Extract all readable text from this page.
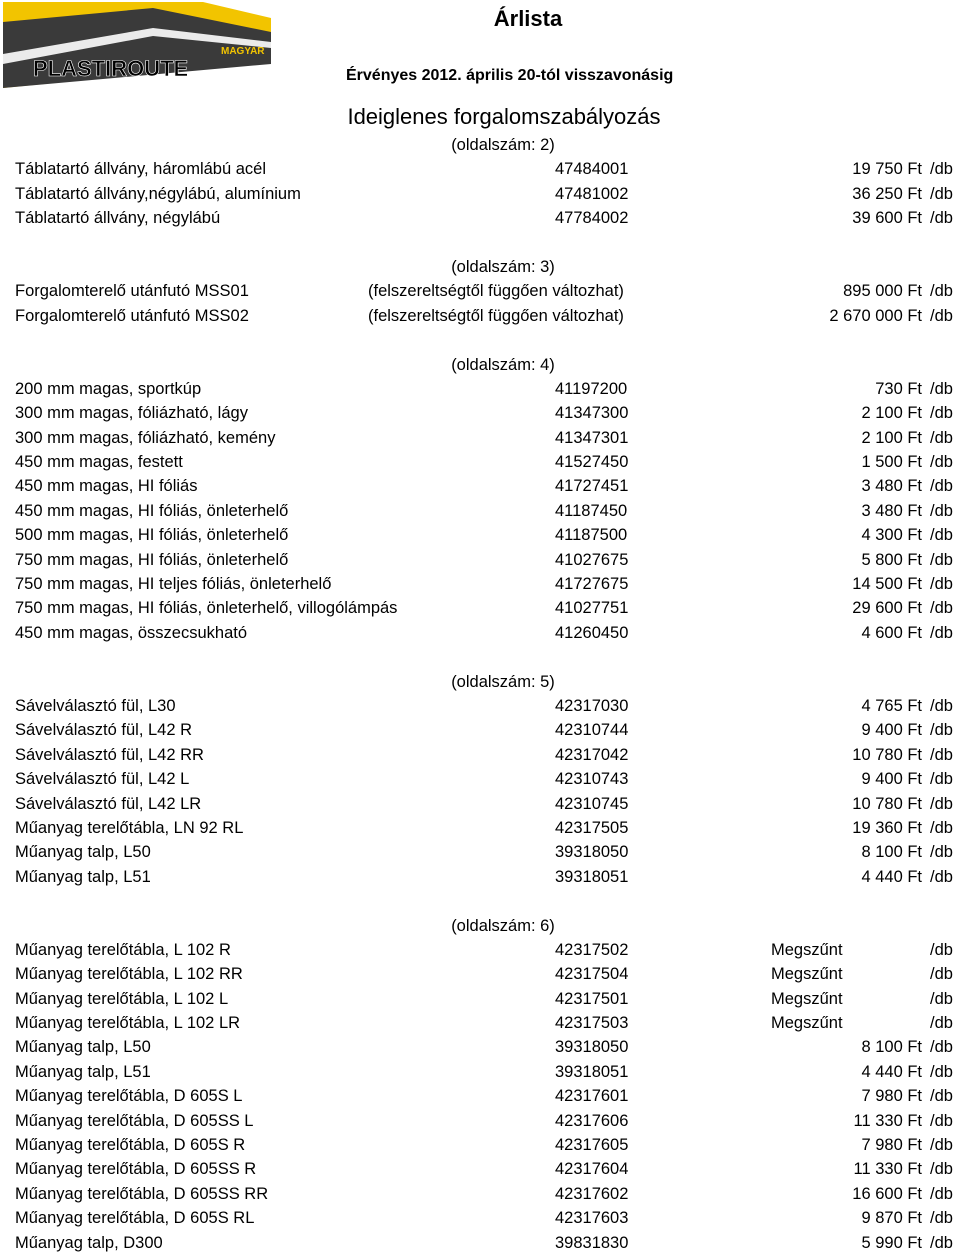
MAGYAR
PLASTIROUTE
Árlista
Érvényes 2012. április 20-tól visszavonásig
Ideiglenes forgalomszabályozás
(oldalszám: 2)
Táblatartó állvány, háromlábú acél	47484001	19 750 Ft /db
Táblatartó állvány,négylábú, alumínium	47481002	36 250 Ft /db
Táblatartó állvány, négylábú	47784002	39 600 Ft /db
(oldalszám: 3)
Forgalomterelő utánfutó MSS01	(felszereltségtől függően változhat)	895 000 Ft /db
Forgalomterelő utánfutó MSS02	(felszereltségtől függően változhat)	2 670 000 Ft /db
(oldalszám: 4)
200 mm magas, sportkúp	41197200	730 Ft /db
300 mm magas, fóliázható, lágy	41347300	2 100 Ft /db
300 mm magas, fóliázható, kemény	41347301	2 100 Ft /db
450 mm magas, festett	41527450	1 500 Ft /db
450 mm magas, HI fóliás	41727451	3 480 Ft /db
450 mm magas, HI fóliás, önleterhelő	41187450	3 480 Ft /db
500 mm magas, HI fóliás, önleterhelő	41187500	4 300 Ft /db
750 mm magas, HI fóliás, önleterhelő	41027675	5 800 Ft /db
750 mm magas, HI teljes fóliás, önleterhelő	41727675	14 500 Ft /db
750 mm magas, HI fóliás, önleterhelő, villogólámpás	41027751	29 600 Ft /db
450 mm magas, összecsukható	41260450	4 600 Ft /db
(oldalszám: 5)
Sávelválasztó fül, L30	42317030	4 765 Ft /db
Sávelválasztó fül, L42 R	42310744	9 400 Ft /db
Sávelválasztó fül, L42 RR	42317042	10 780 Ft /db
Sávelválasztó fül, L42 L	42310743	9 400 Ft /db
Sávelválasztó fül, L42 LR	42310745	10 780 Ft /db
Műanyag terelőtábla, LN 92 RL	42317505	19 360 Ft /db
Műanyag talp, L50	39318050	8 100 Ft /db
Műanyag talp, L51	39318051	4 440 Ft /db
(oldalszám: 6)
Műanyag terelőtábla, L 102 R	42317502	Megszűnt	/db
Műanyag terelőtábla, L 102 RR	42317504	Megszűnt	/db
Műanyag terelőtábla, L 102 L	42317501	Megszűnt	/db
Műanyag terelőtábla, L 102 LR	42317503	Megszűnt	/db
Műanyag talp, L50	39318050	8 100 Ft /db
Műanyag talp, L51	39318051	4 440 Ft /db
Műanyag terelőtábla, D 605S L	42317601	7 980 Ft /db
Műanyag terelőtábla, D 605SS L	42317606	11 330 Ft /db
Műanyag terelőtábla, D 605S R	42317605	7 980 Ft /db
Műanyag terelőtábla, D 605SS R	42317604	11 330 Ft /db
Műanyag terelőtábla, D 605SS RR	42317602	16 600 Ft /db
Műanyag terelőtábla, D 605S RL	42317603	9 870 Ft /db
Műanyag talp, D300	39831830	5 990 Ft /db
